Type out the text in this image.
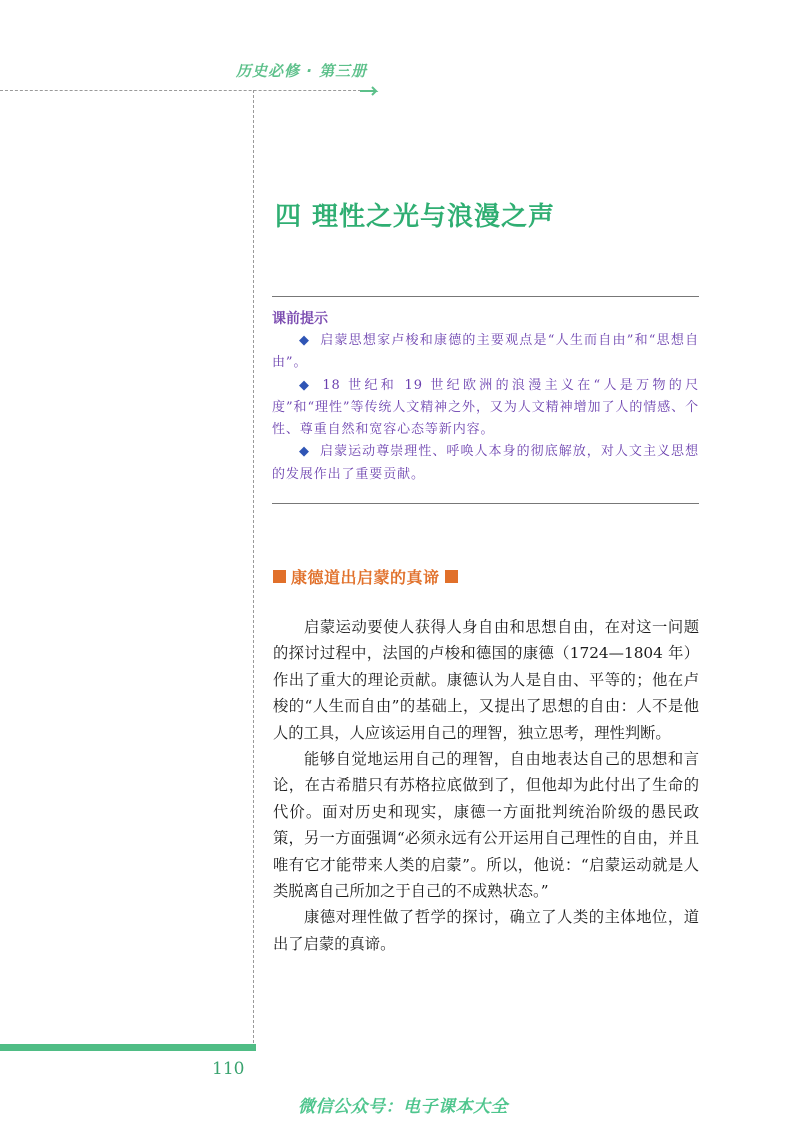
历史必修 · 第三册
四 理性之光与浪漫之声
课前提示

◆ 启蒙思想家卢梭和康德的主要观点是“人生而自由”和“思想自由”。

◆ 18 世纪和 19 世纪欧洲的浪漫主义在“人是万物的尺度”和“理性”等传统人文精神之外，又为人文精神增加了人的情感、个性、尊重自然和宽容心态等新内容。

◆ 启蒙运动尊崇理性、呼唤人本身的彻底解放，对人文主义思想的发展作出了重要贡献。

康德道出启蒙的真谛

启蒙运动要使人获得人身自由和思想自由，在对这一问题的探讨过程中，法国的卢梭和德国的康德（1724—1804 年）作出了重大的理论贡献。康德认为人是自由、平等的；他在卢梭的“人生而自由”的基础上，又提出了思想的自由：人不是他人的工具，人应该运用自己的理智，独立思考，理性判断。

能够自觉地运用自己的理智，自由地表达自己的思想和言论，在古希腊只有苏格拉底做到了，但他却为此付出了生命的代价。面对历史和现实，康德一方面批判统治阶级的愚民政策，另一方面强调“必须永远有公开运用自己理性的自由，并且唯有它才能带来人类的启蒙”。所以，他说：“启蒙运动就是人类脱离自己所加之于自己的不成熟状态。”

康德对理性做了哲学的探讨，确立了人类的主体地位，道出了启蒙的真谛。

110
微信公众号：电子课本大全
